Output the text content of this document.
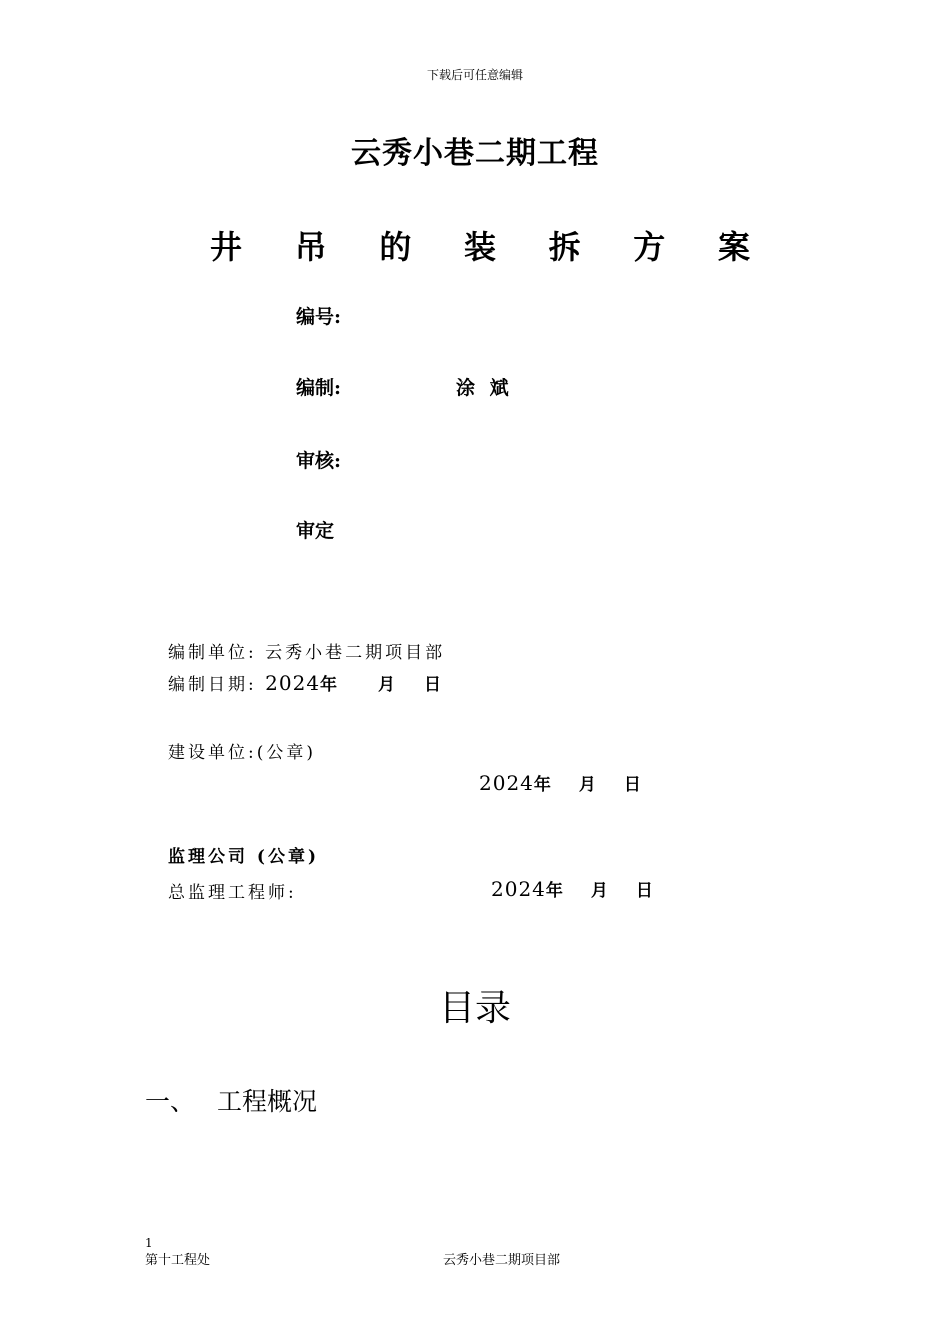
下载后可任意编辑
云秀小巷二期工程
井 吊 的 装 拆 方 案
编号:
编制:	涂 斌
审核:
审定
编制单位: 云秀小巷二期项目部
编制日期: 2024年 月 日
建设单位:(公章)
2024年 月 日
监理公司 (公章)
总监理工程师:	2024年 月 日
目录
一、 工程概况
1
第十工程处	云秀小巷二期项目部
